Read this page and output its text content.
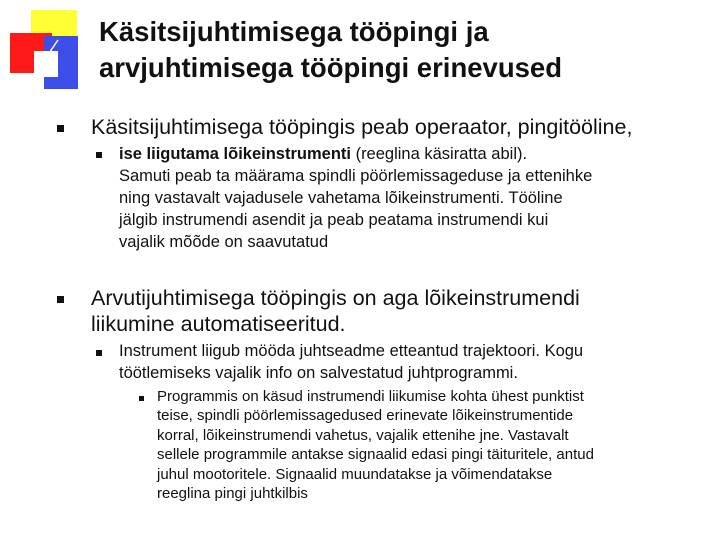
Käsitsijuhtimisega tööpingi ja
arvjuhtimisega tööpingi erinevused
Käsitsijuhtimisega tööpingis peab operaator, pingitööline,
ise liigutama lõikeinstrumenti (reeglina käsiratta abil).
Samuti peab ta määrama spindli pöörlemissageduse ja ettenihke
ning vastavalt vajadusele vahetama lõikeinstrumenti. Tööline
jälgib instrumendi asendit ja peab peatama instrumendi kui
vajalik mõõde on saavutatud
Arvutijuhtimisega tööpingis on aga lõikeinstrumendi
liikumine automatiseeritud.
Instrument liigub mööda juhtseadme etteantud trajektoori. Kogu
töötlemiseks vajalik info on salvestatud juhtprogrammi.
Programmis on käsud instrumendi liikumise kohta ühest punktist
teise, spindli pöörlemissagedused erinevate lõikeinstrumentide
korral, lõikeinstrumendi vahetus, vajalik ettenihe jne. Vastavalt
sellele programmile antakse signaalid edasi pingi täituritele, antud
juhul mootoritele. Signaalid muundatakse ja võimendatakse
reeglina pingi juhtkilbis
